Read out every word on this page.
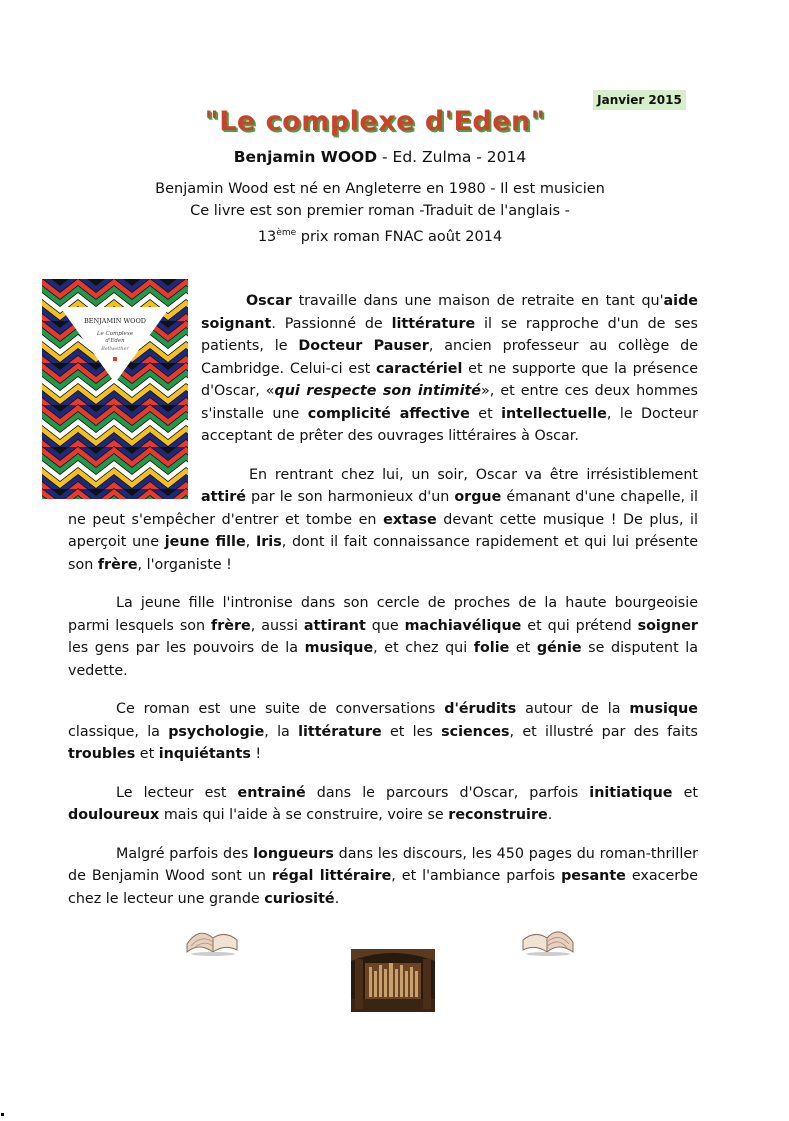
Janvier 2015
"Le complexe d'Eden"
Benjamin WOOD - Ed. Zulma - 2014
Benjamin Wood est né en Angleterre en 1980 - Il est musicien
Ce livre est son premier roman -Traduit de l'anglais -
13ème prix roman FNAC août 2014
BENJAMIN WOOD
Le Complexe
d'Eden
Bellwether

Oscar travaille dans une maison de retraite en tant qu'aide soignant. Passionné de littérature il se rapproche d'un de ses patients, le Docteur Pauser, ancien professeur au collège de Cambridge. Celui-ci est caractériel et ne supporte que la présence d'Oscar, «qui respecte son intimité», et entre ces deux hommes s'installe une complicité affective et intellectuelle, le Docteur acceptant de prêter des ouvrages littéraires à Oscar.

En rentrant chez lui, un soir, Oscar va être irrésistiblement attiré par le son harmonieux d'un orgue émanant d'une chapelle, il ne peut s'empêcher d'entrer et tombe en extase devant cette musique ! De plus, il aperçoit une jeune fille, Iris, dont il fait connaissance rapidement et qui lui présente son frère, l'organiste !

La jeune fille l'intronise dans son cercle de proches de la haute bourgeoisie parmi lesquels son frère, aussi attirant que machiavélique et qui prétend soigner les gens par les pouvoirs de la musique, et chez qui folie et génie se disputent la vedette.

Ce roman est une suite de conversations d'érudits autour de la musique classique, la psychologie, la littérature et les sciences, et illustré par des faits troubles et inquiétants !

Le lecteur est entrainé dans le parcours d'Oscar, parfois initiatique et douloureux mais qui l'aide à se construire, voire se reconstruire.

Malgré parfois des longueurs dans les discours, les 450 pages du roman-thriller de Benjamin Wood sont un régal littéraire, et l'ambiance parfois pesante exacerbe chez le lecteur une grande curiosité.
